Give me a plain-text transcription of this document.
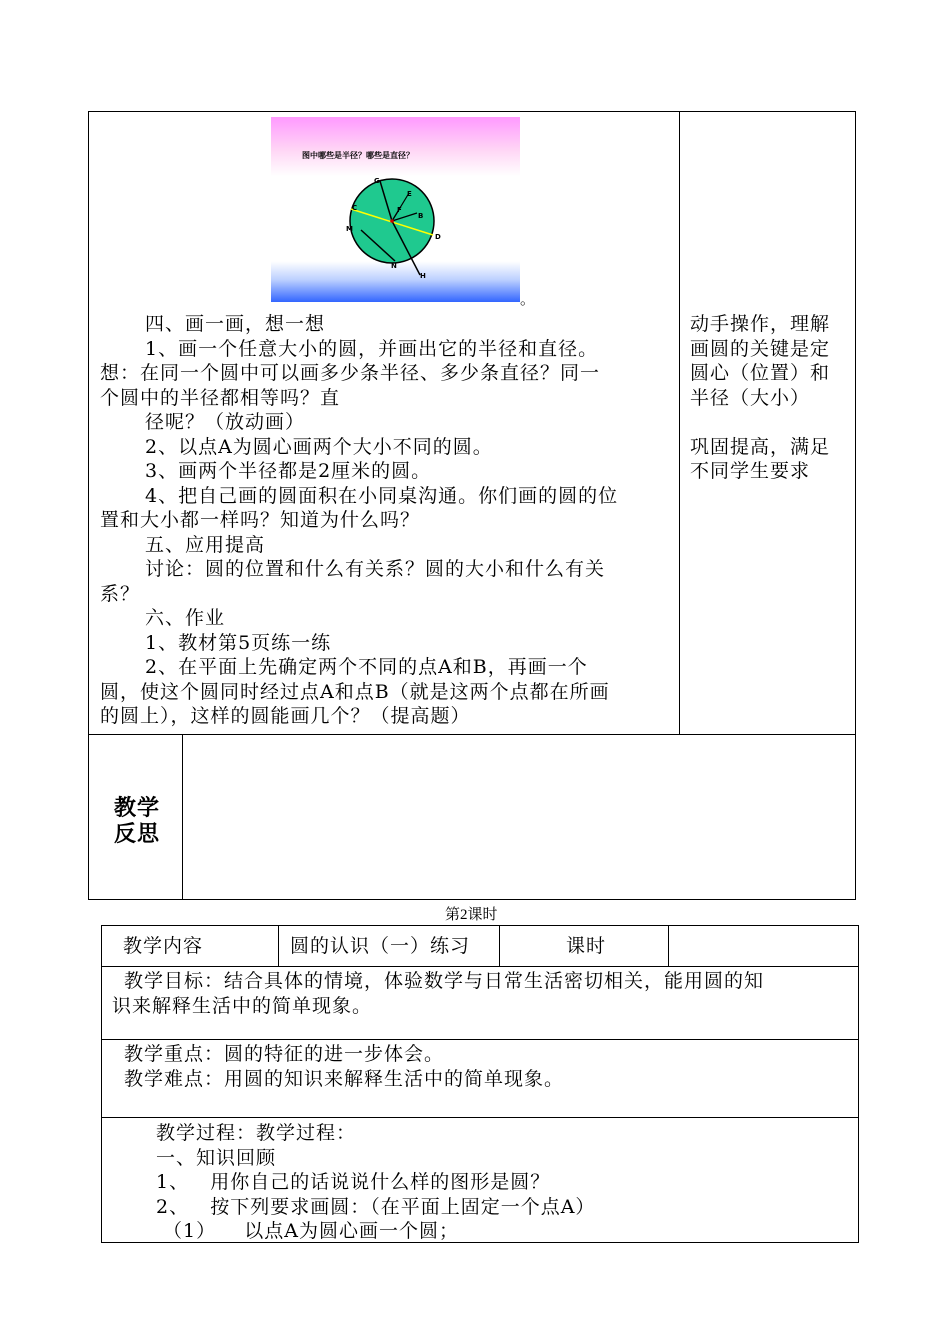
图中哪些是半径？哪些是直径？
G
E
F
B
C
M
D
N
H
。
四、画一画，想一想
1、画一个任意大小的圆，并画出它的半径和直径。
想：在同一个圆中可以画多少条半径、多少条直径？同一
个圆中的半径都相等吗？直
径呢？（放动画）
2、以点A为圆心画两个大小不同的圆。
3、画两个半径都是2厘米的圆。
4、把自己画的圆面积在小同桌沟通。你们画的圆的位
置和大小都一样吗？知道为什么吗？
五、应用提高
讨论：圆的位置和什么有关系？圆的大小和什么有关
系？
六、作业
1、教材第5页练一练
2、在平面上先确定两个不同的点A和B，再画一个
圆，使这个圆同时经过点A和点B（就是这两个点都在所画
的圆上），这样的圆能画几个？（提高题）
动手操作，理解
画圆的关键是定
圆心（位置）和
半径（大小）
巩固提高，满足
不同学生要求
教学
反思
第2课时
教学内容	圆的认识（一）练习	课时
教学目标：结合具体的情境，体验数学与日常生活密切相关，能用圆的知
识来解释生活中的简单现象。
教学重点：圆的特征的进一步体会。
教学难点：用圆的知识来解释生活中的简单现象。
教学过程：教学过程：
一、知识回顾
1、   用你自己的话说说什么样的图形是圆？
2、   按下列要求画圆：（在平面上固定一个点A）
（1）    以点A为圆心画一个圆；
